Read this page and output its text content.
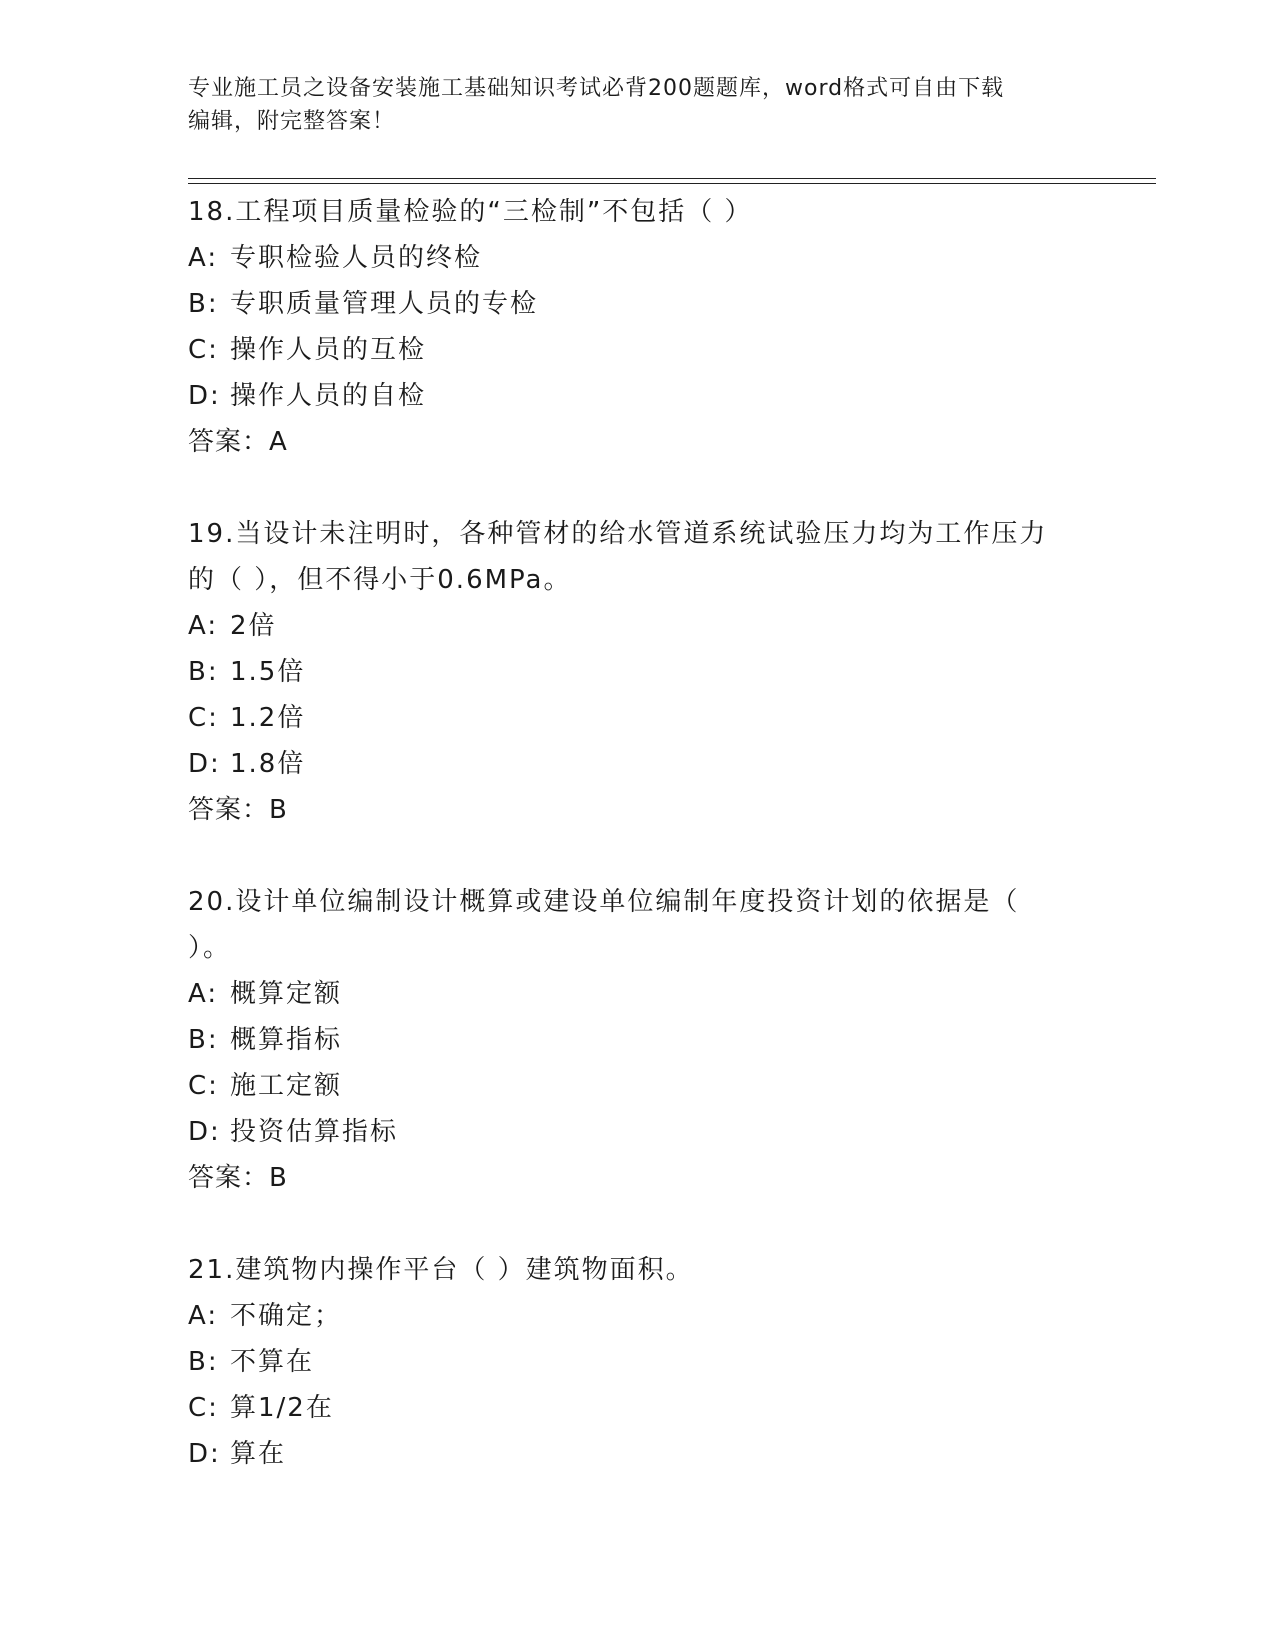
专业施工员之设备安装施工基础知识考试必背200题题库，word格式可自由下载
编辑，附完整答案！
18.工程项目质量检验的“三检制”不包括（ ）
A: 专职检验人员的终检
B: 专职质量管理人员的专检
C: 操作人员的互检
D: 操作人员的自检
答案：A
19.当设计未注明时，各种管材的给水管道系统试验压力均为工作压力
的（ ），但不得小于0.6MPa。
A: 2倍
B: 1.5倍
C: 1.2倍
D: 1.8倍
答案：B
20.设计单位编制设计概算或建设单位编制年度投资计划的依据是（
）。
A: 概算定额
B: 概算指标
C: 施工定额
D: 投资估算指标
答案：B
21.建筑物内操作平台（ ）建筑物面积。
A: 不确定；
B: 不算在
C: 算1/2在
D: 算在
